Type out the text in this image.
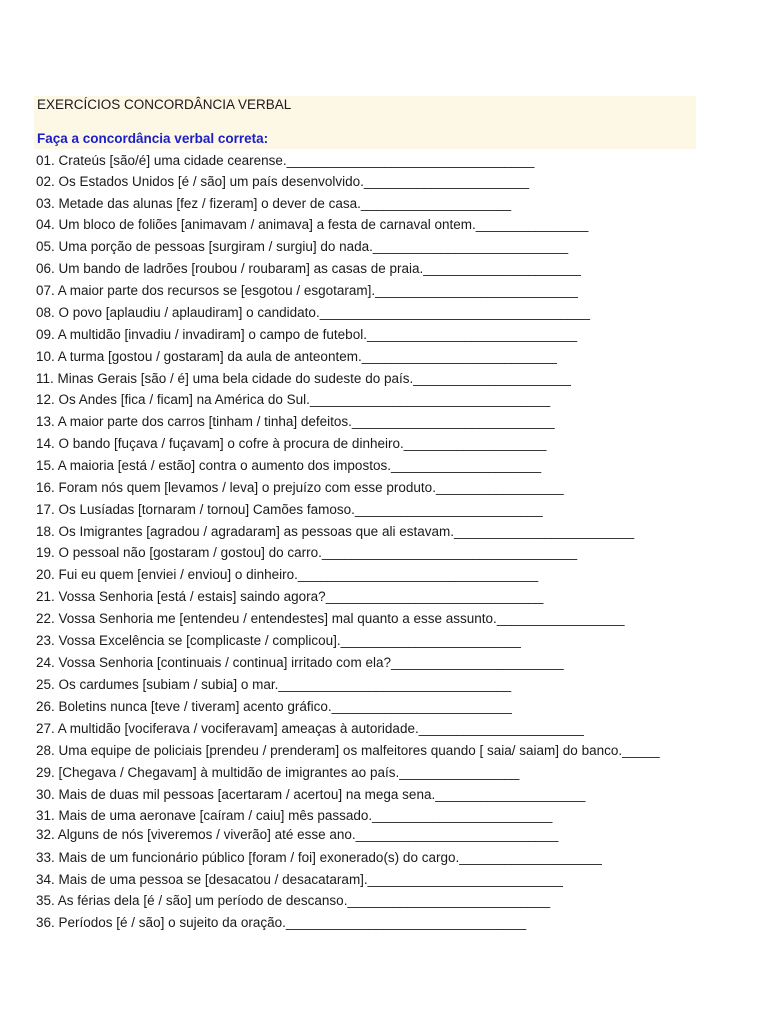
EXERCÍCIOS CONCORDÂNCIA VERBAL
Faça a concordância verbal correta:
01. Crateús [são/é] uma cidade cearense._________________________________
02. Os Estados Unidos [é / são] um país desenvolvido.______________________
03. Metade das alunas [fez / fizeram] o dever de casa.____________________
04. Um bloco de foliões [animavam / animava] a festa de carnaval ontem._______________
05. Uma porção de pessoas [surgiram / surgiu] do nada.__________________________
06. Um bando de ladrões [roubou / roubaram] as casas de praia._____________________
07. A maior parte dos recursos se [esgotou / esgotaram].___________________________
08. O povo [aplaudiu / aplaudiram] o candidato.____________________________________
09. A multidão [invadiu / invadiram] o campo de futebol.____________________________
10. A turma [gostou / gostaram] da aula de anteontem.__________________________
11. Minas Gerais [são / é] uma bela cidade do sudeste do país._____________________
12. Os Andes [fica / ficam] na América do Sul.________________________________
13. A maior parte dos carros [tinham / tinha] defeitos.___________________________
14. O bando [fuçava / fuçavam] o cofre à procura de dinheiro.___________________
15. A maioria [está / estão] contra o aumento dos impostos.____________________
16. Foram nós quem [levamos / leva] o prejuízo com esse produto._________________
17. Os Lusíadas [tornaram / tornou] Camões famoso._________________________
18. Os Imigrantes [agradou / agradaram] as pessoas que ali estavam.________________________
19. O pessoal não [gostaram / gostou] do carro.__________________________________
20. Fui eu quem [enviei / enviou] o dinheiro.________________________________
21. Vossa Senhoria [está / estais] saindo agora?_____________________________
22. Vossa Senhoria me [entendeu / entendestes] mal quanto a esse assunto._________________
23. Vossa Excelência se [complicaste / complicou].________________________
24. Vossa Senhoria [continuais / continua] irritado com ela?_______________________
25. Os cardumes [subiam / subia] o mar._______________________________
26. Boletins nunca [teve / tiveram] acento gráfico.________________________
27. A multidão [vociferava / vociferavam] ameaças à autoridade.______________________
28. Uma equipe de policiais [prendeu / prenderam] os malfeitores quando [ saia/ saiam] do banco._____
29. [Chegava / Chegavam] à multidão de imigrantes ao país.________________
30. Mais de duas mil pessoas [acertaram / acertou] na mega sena.____________________
31. Mais de uma aeronave [caíram / caiu] mês passado.________________________
32. Alguns de nós [viveremos / viverão] até esse ano.___________________________
33. Mais de um funcionário público [foram / foi] exonerado(s) do cargo.___________________
34. Mais de uma pessoa se [desacatou / desacataram].__________________________
35. As férias dela [é / são] um período de descanso.___________________________
36. Períodos [é / são] o sujeito da oração.________________________________
